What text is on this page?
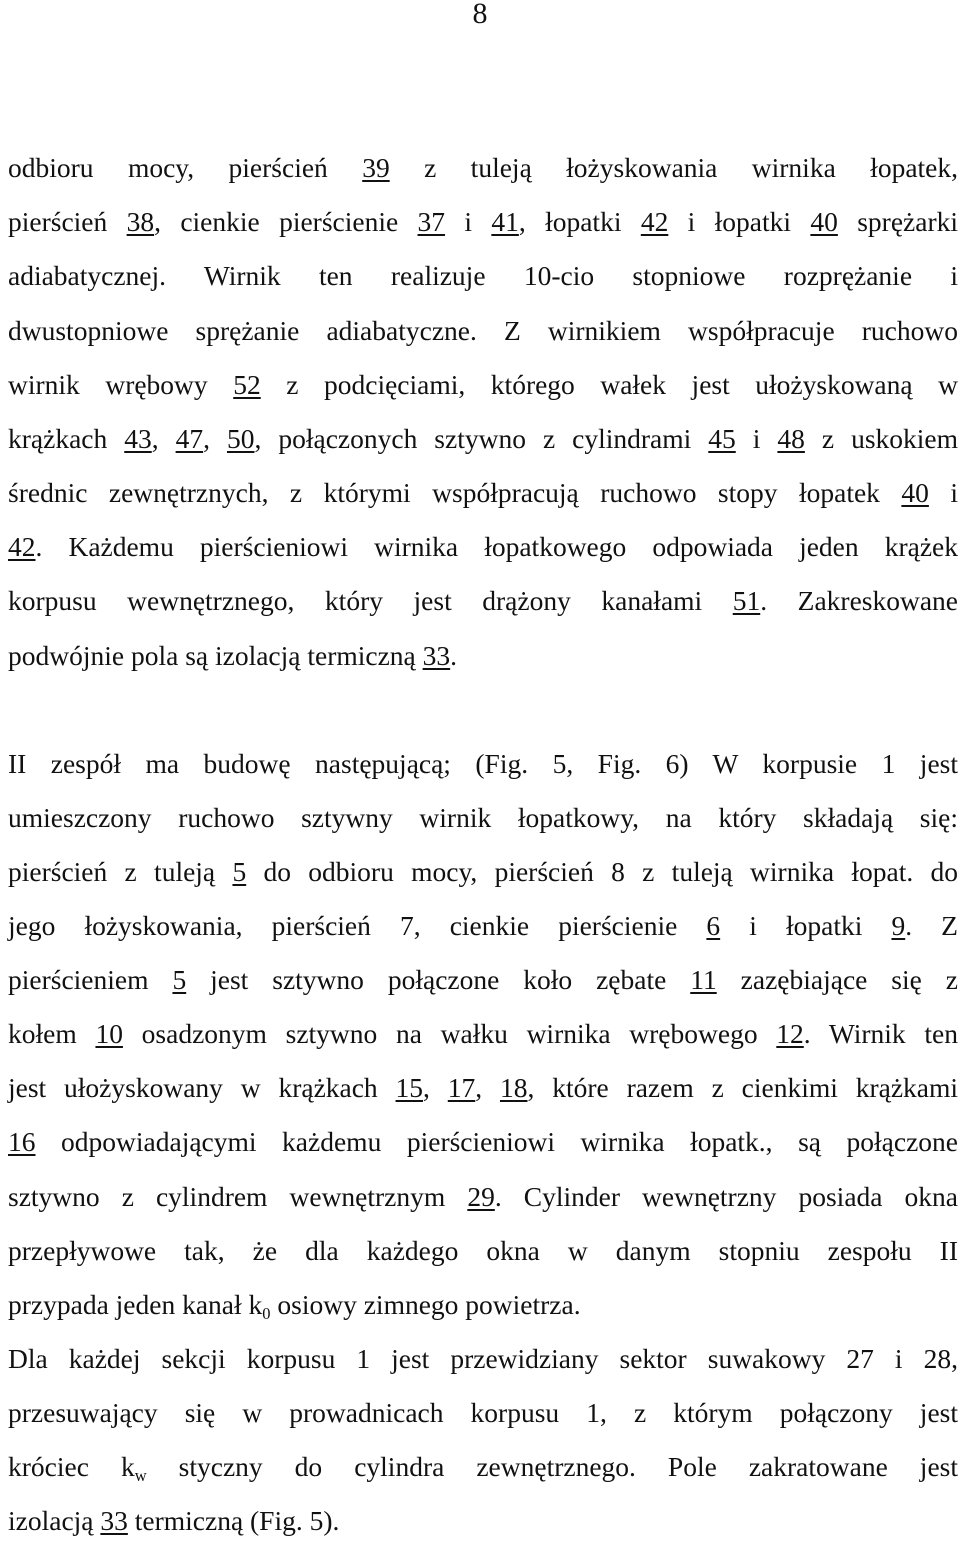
8
odbioru mocy, pierścień 39 z tuleją łożyskowania wirnika łopatek,
pierścień 38, cienkie pierścienie 37 i 41, łopatki 42 i łopatki 40 sprężarki
adiabatycznej. Wirnik ten realizuje 10-cio stopniowe rozprężanie i
dwustopniowe sprężanie adiabatyczne. Z wirnikiem współpracuje ruchowo
wirnik wrębowy 52 z podcięciami, którego wałek jest ułożyskowaną w
krążkach 43, 47, 50, połączonych sztywno z cylindrami 45 i 48 z uskokiem
średnic zewnętrznych, z którymi współpracują ruchowo stopy łopatek 40 i
42. Każdemu pierścieniowi wirnika łopatkowego odpowiada jeden krążek
korpusu wewnętrznego, który jest drążony kanałami 51. Zakreskowane
podwójnie pola są izolacją termiczną 33.
II zespół ma budowę następującą; (Fig. 5, Fig. 6) W korpusie 1 jest
umieszczony ruchowo sztywny wirnik łopatkowy, na który składają się:
pierścień z tuleją 5 do odbioru mocy, pierścień 8 z tuleją wirnika łopat. do
jego łożyskowania, pierścień 7, cienkie pierścienie 6 i łopatki 9. Z
pierścieniem 5 jest sztywno połączone koło zębate 11 zazębiające się z
kołem 10 osadzonym sztywno na wałku wirnika wrębowego 12. Wirnik ten
jest ułożyskowany w krążkach 15, 17, 18, które razem z cienkimi krążkami
16 odpowiadającymi każdemu pierścieniowi wirnika łopatk., są połączone
sztywno z cylindrem wewnętrznym 29. Cylinder wewnętrzny posiada okna
przepływowe tak, że dla każdego okna w danym stopniu zespołu II
przypada jeden kanał $k_0$ osiowy zimnego powietrza.
Dla każdej sekcji korpusu 1 jest przewidziany sektor suwakowy 27 i 28,
przesuwający się w prowadnicach korpusu 1, z którym połączony jest
króciec $k_w$ styczny do cylindra zewnętrznego. Pole zakratowane jest
izolacją 33 termiczną (Fig. 5).
